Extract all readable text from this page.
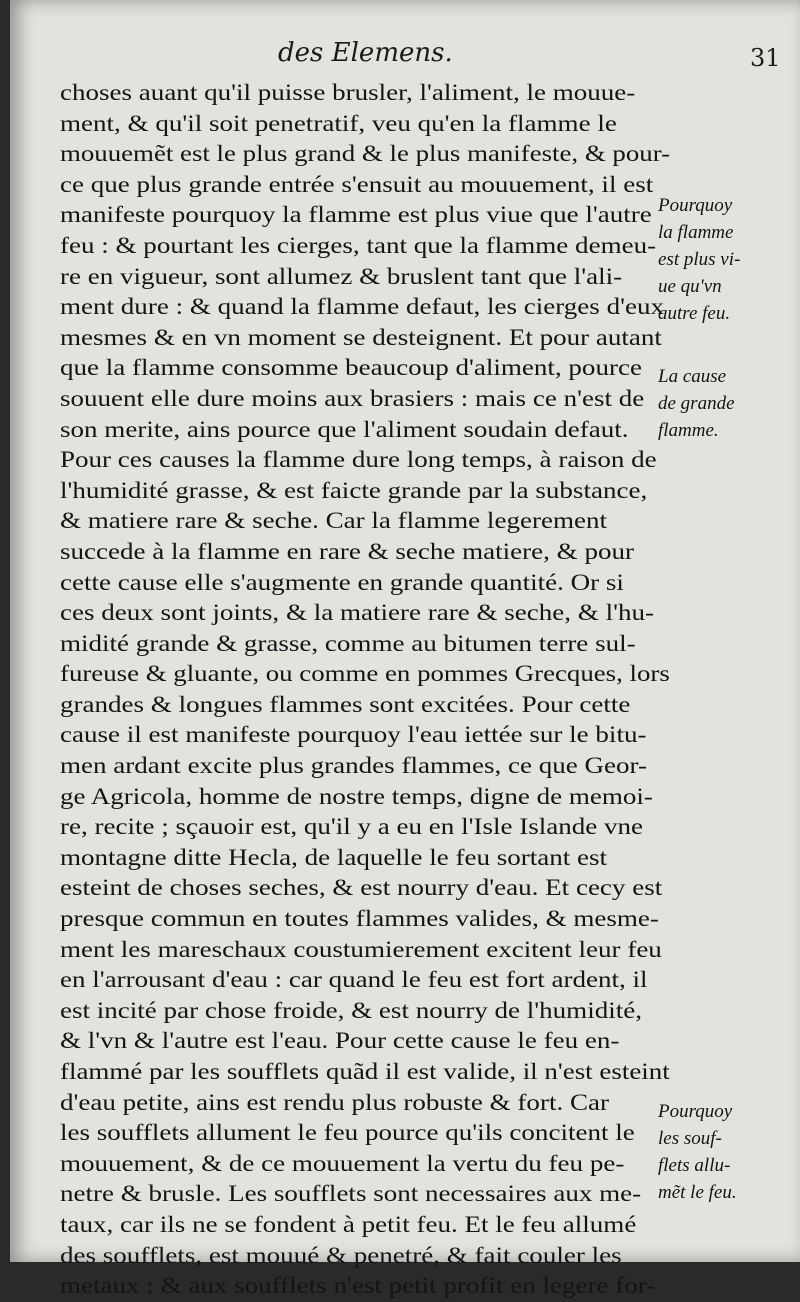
des Elemens.	31
choses auant qu'il puisse brusler, l'aliment, le mouue-
ment, & qu'il soit penetratif, veu qu'en la flamme le
mouuemẽt est le plus grand & le plus manifeste, & pour-
ce que plus grande entrée s'ensuit au mouuement, il est
manifeste pourquoy la flamme est plus viue que l'autre
feu : & pourtant les cierges, tant que la flamme demeu-
re en vigueur, sont allumez & bruslent tant que l'ali-
ment dure : & quand la flamme defaut, les cierges d'eux
mesmes & en vn moment se desteignent. Et pour autant
que la flamme consomme beaucoup d'aliment, pource
souuent elle dure moins aux brasiers : mais ce n'est de
son merite, ains pource que l'aliment soudain defaut.
Pour ces causes la flamme dure long temps, à raison de
l'humidité grasse, & est faicte grande par la substance,
& matiere rare & seche. Car la flamme legerement
succede à la flamme en rare & seche matiere, & pour
cette cause elle s'augmente en grande quantité. Or si
ces deux sont joints, & la matiere rare & seche, & l'hu-
midité grande & grasse, comme au bitumen terre sul-
fureuse & gluante, ou comme en pommes Grecques, lors
grandes & longues flammes sont excitées. Pour cette
cause il est manifeste pourquoy l'eau iettée sur le bitu-
men ardant excite plus grandes flammes, ce que Geor-
ge Agricola, homme de nostre temps, digne de memoi-
re, recite ; sçauoir est, qu'il y a eu en l'Isle Islande vne
montagne ditte Hecla, de laquelle le feu sortant est
esteint de choses seches, & est nourry d'eau. Et cecy est
presque commun en toutes flammes valides, & mesme-
ment les mareschaux coustumierement excitent leur feu
en l'arrousant d'eau : car quand le feu est fort ardent, il
est incité par chose froide, & est nourry de l'humidité,
& l'vn & l'autre est l'eau. Pour cette cause le feu en-
flammé par les soufflets quãd il est valide, il n'est esteint
d'eau petite, ains est rendu plus robuste & fort. Car
les soufflets allument le feu pource qu'ils concitent le
mouuement, & de ce mouuement la vertu du feu pe-
netre & brusle. Les soufflets sont necessaires aux me-
taux, car ils ne se fondent à petit feu. Et le feu allumé
des soufflets, est mouué & penetré, & fait couler les
metaux : & aux soufflets n'est petit profit en legere for-
Pourquoy
la flamme
est plus vi-
ue qu'vn
autre feu.
La cause
de grande
flamme.
Pourquoy
les souf-
flets allu-
mẽt le feu.
